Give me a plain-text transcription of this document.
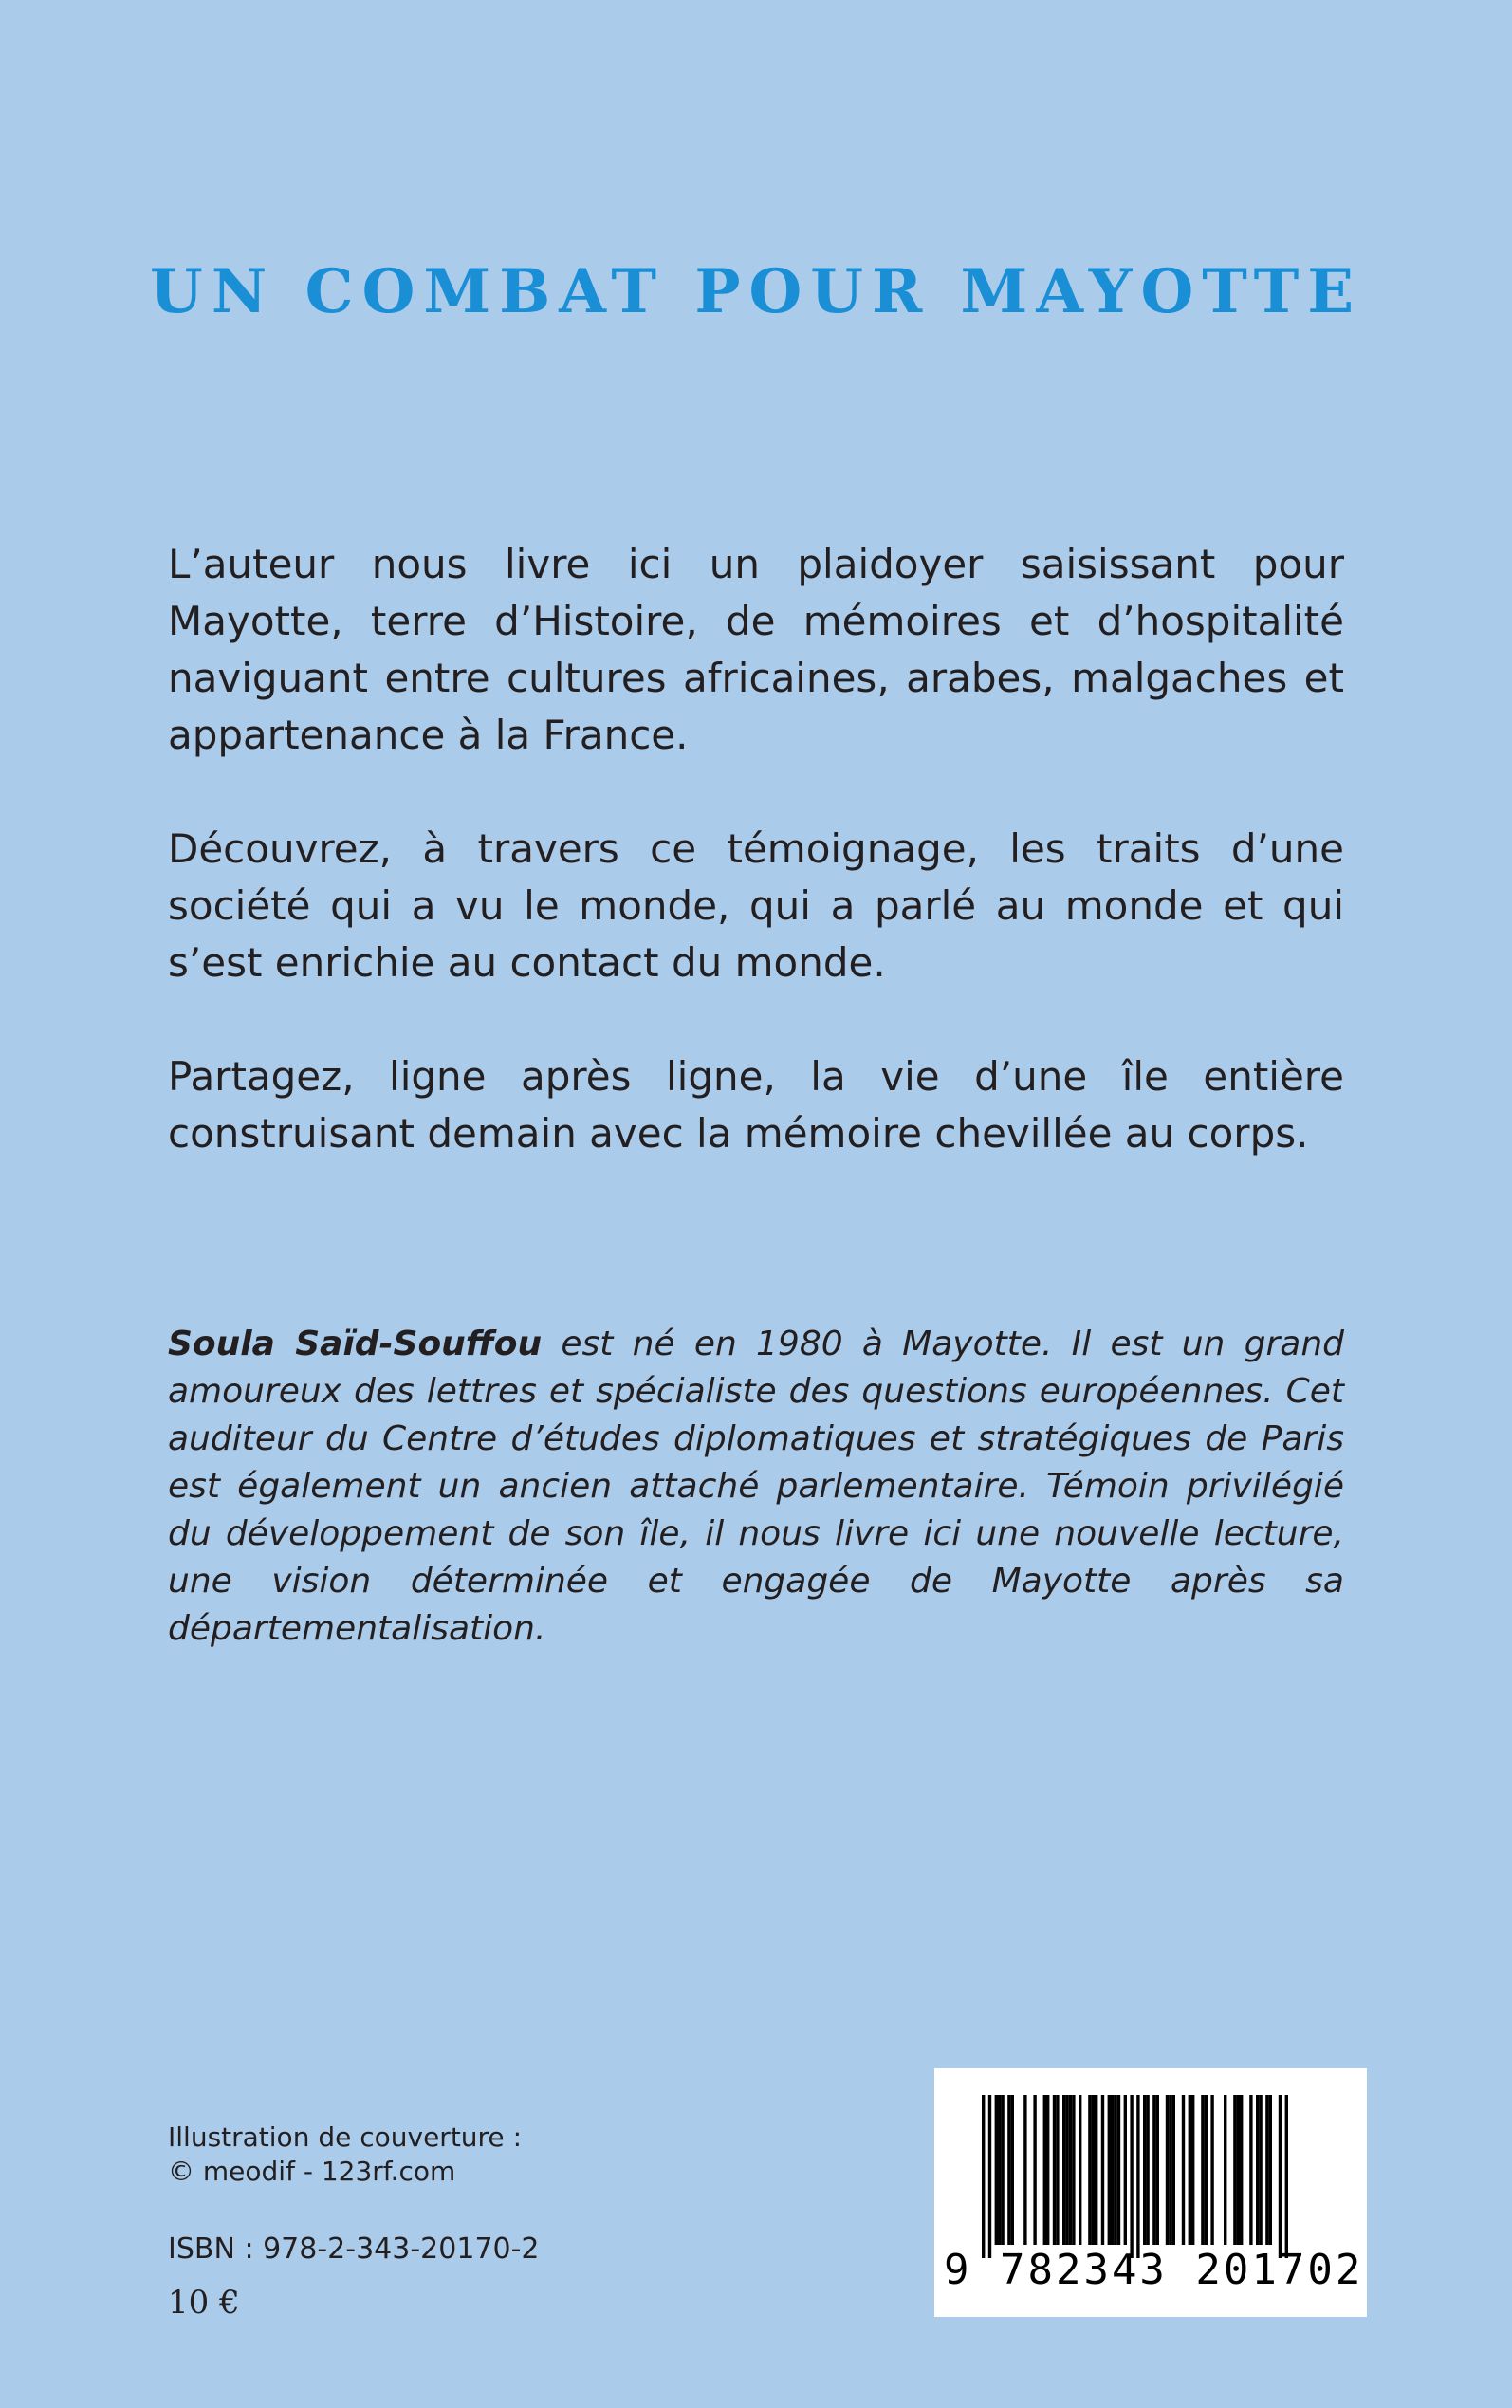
UN COMBAT POUR MAYOTTE

L’auteur nous livre ici un plaidoyer saisissant pour Mayotte, terre d’Histoire, de mémoires et d’hospitalité naviguant entre cultures africaines, arabes, malgaches et appartenance à la France.

Découvrez, à travers ce témoignage, les traits d’une société qui a vu le monde, qui a parlé au monde et qui s’est enrichie au contact du monde.

Partagez, ligne après ligne, la vie d’une île entière construisant demain avec la mémoire chevillée au corps.

Soula Saïd-Souffou est né en 1980 à Mayotte. Il est un grand amoureux des lettres et spécialiste des questions européennes. Cet auditeur du Centre d’études diplomatiques et stratégiques de Paris est également un ancien attaché parlementaire. Témoin privilégié du développement de son île, il nous livre ici une nouvelle lecture, une vision déterminée et engagée de Mayotte après sa départementalisation.

Illustration de couverture :
© meodif - 123rf.com
ISBN : 978-2-343-20170-2
10 €
9 782343 201702
